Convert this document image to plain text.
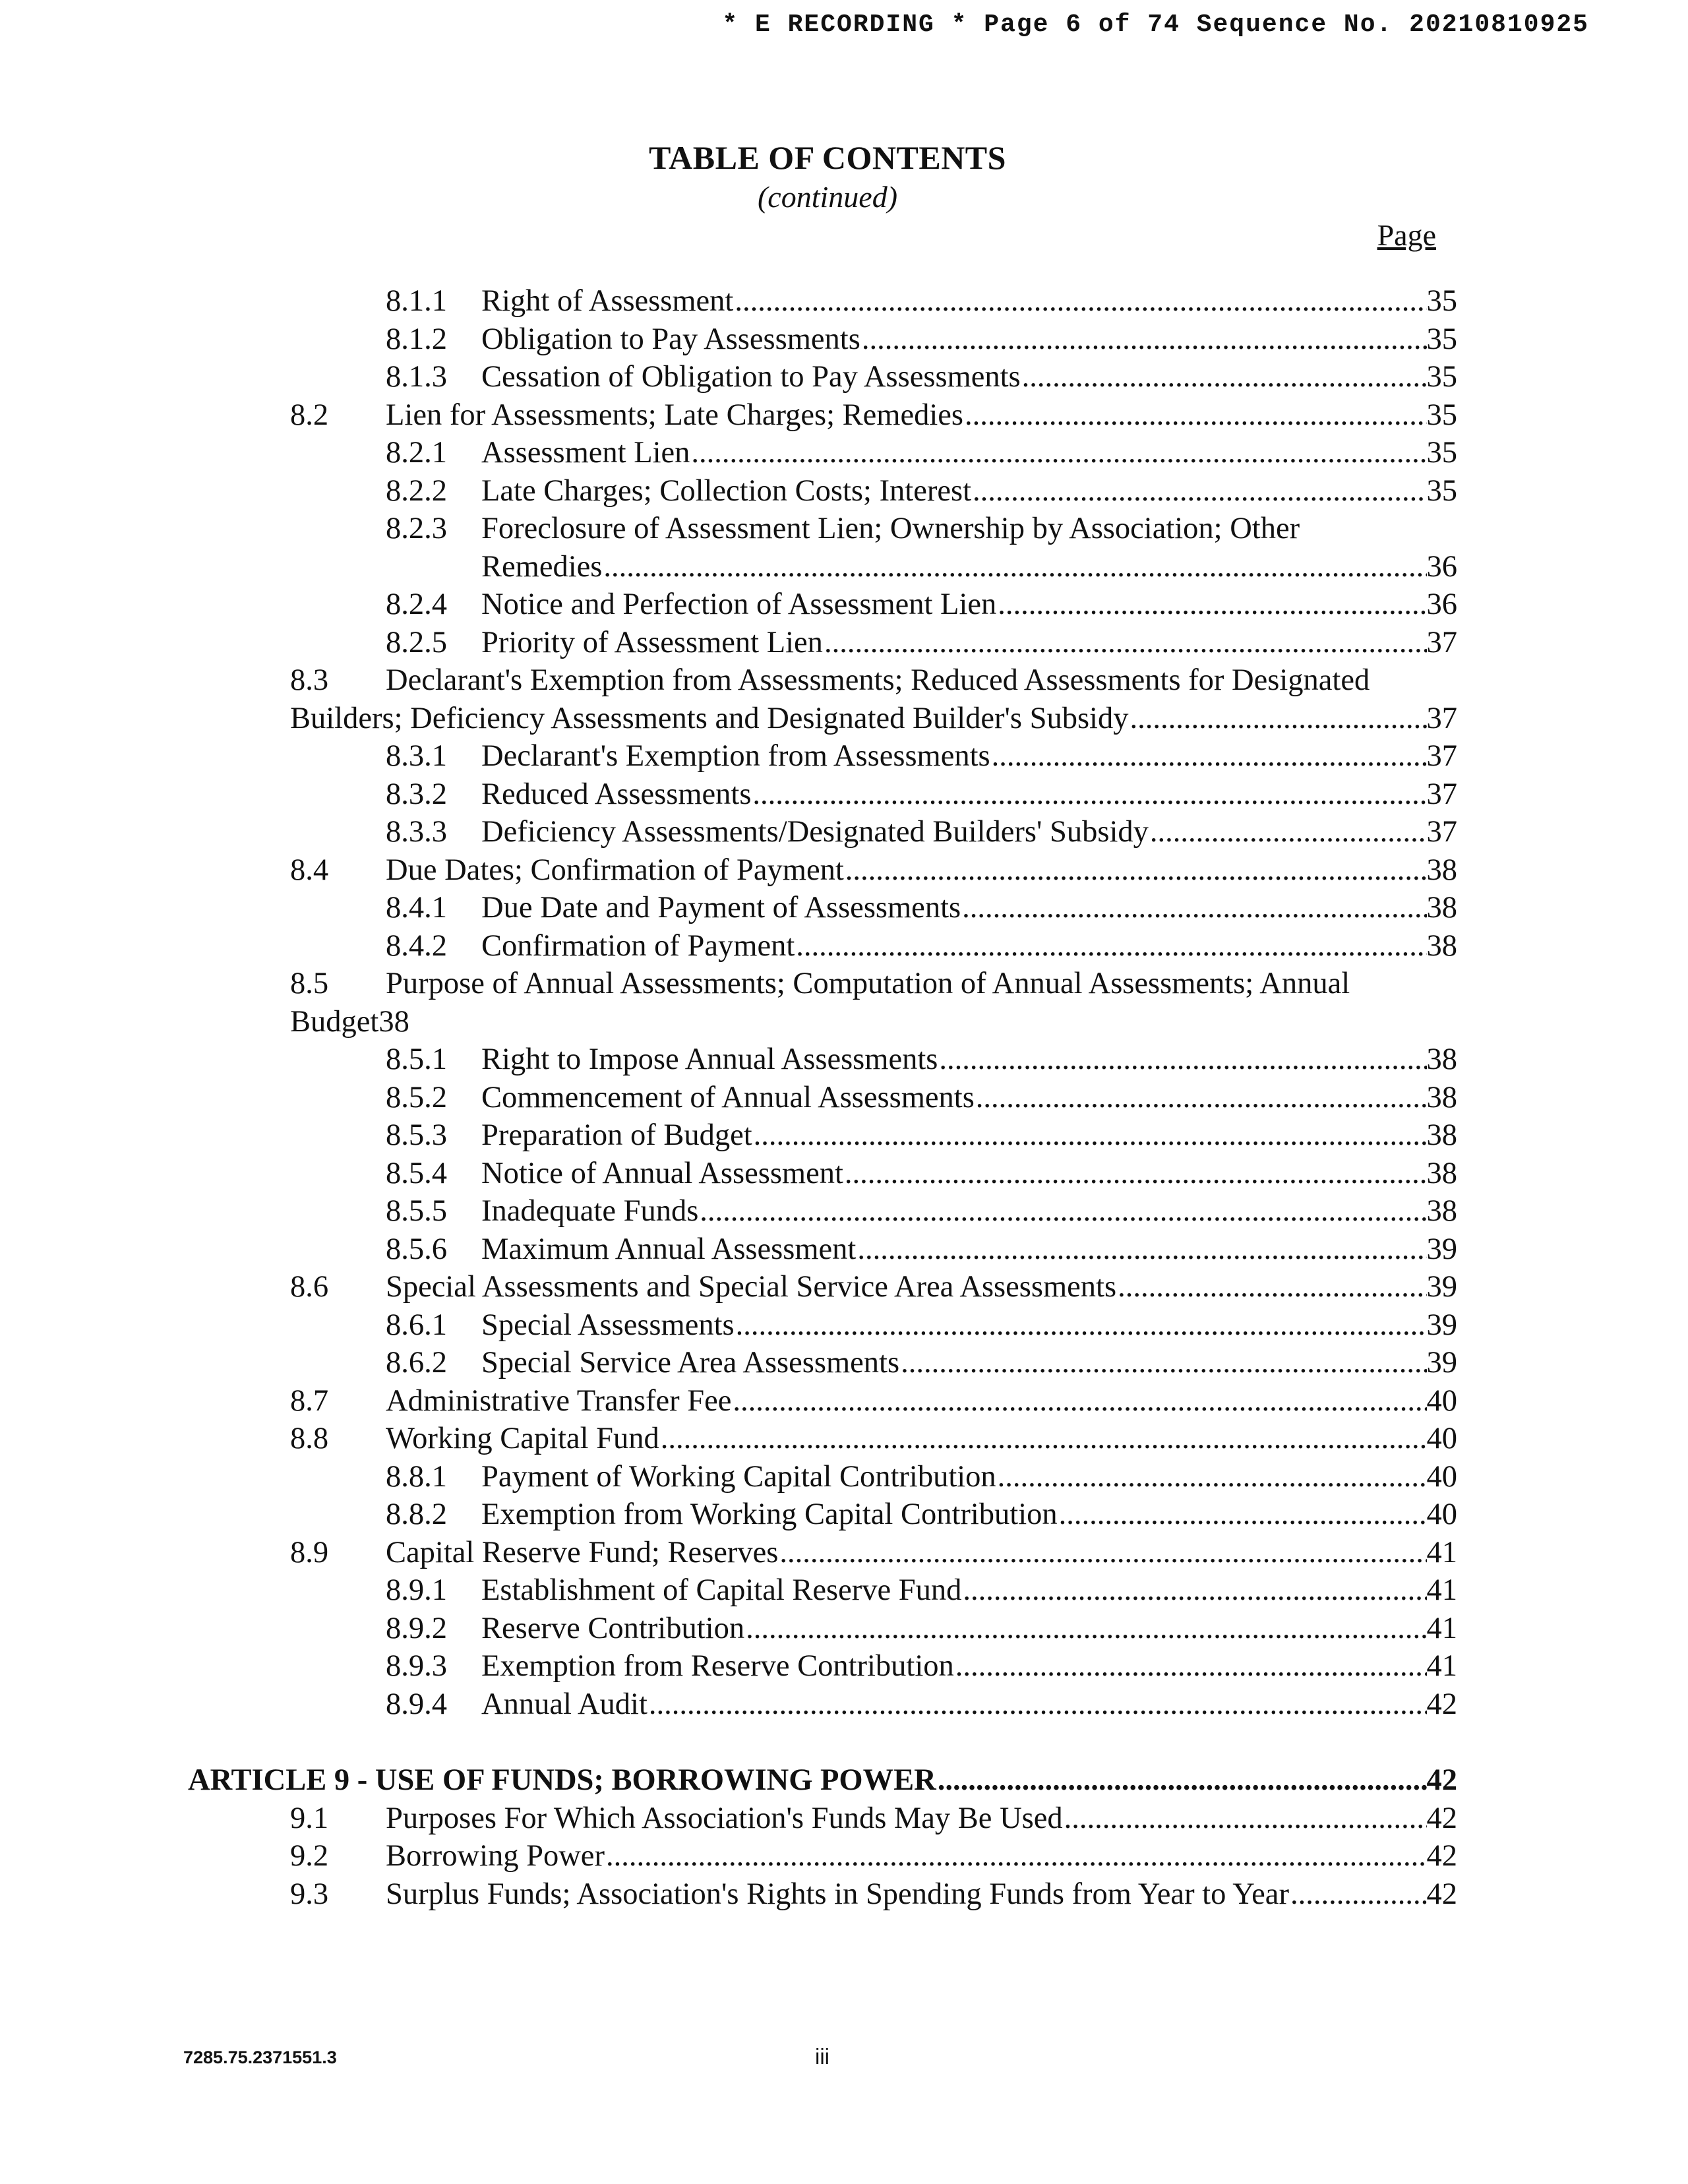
* E RECORDING * Page 6 of 74 Sequence No. 20210810925
TABLE OF CONTENTS
(continued)
Page
8.1.1 Right of Assessment .....	35
8.1.2 Obligation to Pay Assessments .....	35
8.1.3 Cessation of Obligation to Pay Assessments .....	35
8.2 Lien for Assessments; Late Charges; Remedies .....	35
8.2.1 Assessment Lien .....	35
8.2.2 Late Charges; Collection Costs; Interest .....	35
8.2.3 Foreclosure of Assessment Lien; Ownership by Association; Other
Remedies .....	36
8.2.4 Notice and Perfection of Assessment Lien .....	36
8.2.5 Priority of Assessment Lien .....	37
8.3 Declarant's Exemption from Assessments; Reduced Assessments for Designated
Builders; Deficiency Assessments and Designated Builder's Subsidy .....	37
8.3.1 Declarant's Exemption from Assessments .....	37
8.3.2 Reduced Assessments .....	37
8.3.3 Deficiency Assessments/Designated Builders' Subsidy .....	37
8.4 Due Dates; Confirmation of Payment .....	38
8.4.1 Due Date and Payment of Assessments .....	38
8.4.2 Confirmation of Payment .....	38
8.5 Purpose of Annual Assessments; Computation of Annual Assessments; Annual
Budget 38
8.5.1 Right to Impose Annual Assessments .....	38
8.5.2 Commencement of Annual Assessments .....	38
8.5.3 Preparation of Budget .....	38
8.5.4 Notice of Annual Assessment .....	38
8.5.5 Inadequate Funds .....	38
8.5.6 Maximum Annual Assessment .....	39
8.6 Special Assessments and Special Service Area Assessments .....	39
8.6.1 Special Assessments .....	39
8.6.2 Special Service Area Assessments .....	39
8.7 Administrative Transfer Fee .....	40
8.8 Working Capital Fund .....	40
8.8.1 Payment of Working Capital Contribution .....	40
8.8.2 Exemption from Working Capital Contribution .....	40
8.9 Capital Reserve Fund; Reserves .....	41
8.9.1 Establishment of Capital Reserve Fund .....	41
8.9.2 Reserve Contribution .....	41
8.9.3 Exemption from Reserve Contribution .....	41
8.9.4 Annual Audit .....	42
ARTICLE 9 - USE OF FUNDS; BORROWING POWER .....	42
9.1 Purposes For Which Association's Funds May Be Used .....	42
9.2 Borrowing Power .....	42
9.3 Surplus Funds; Association's Rights in Spending Funds from Year to Year .....	42
7285.75.2371551.3	iii
